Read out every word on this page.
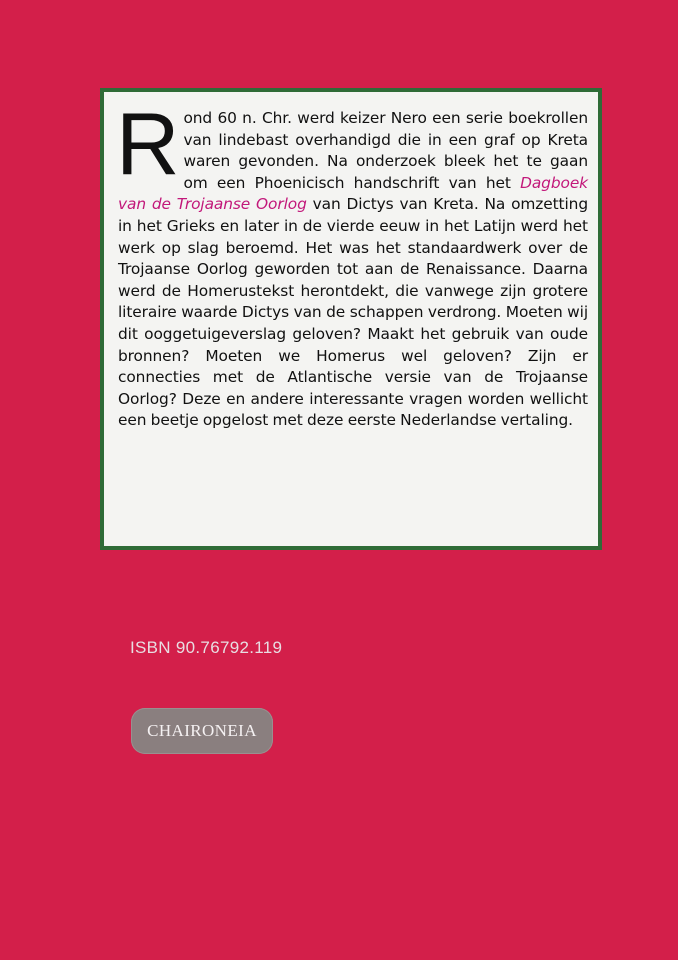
Rond 60 n. Chr. werd keizer Nero een serie boekrollen van lindebast overhandigd die in een graf op Kreta waren gevonden. Na onderzoek bleek het te gaan om een Phoenicisch handschrift van het Dagboek van de Trojaanse Oorlog van Dictys van Kreta. Na omzetting in het Grieks en later in de vierde eeuw in het Latijn werd het werk op slag beroemd. Het was het standaardwerk over de Trojaanse Oorlog geworden tot aan de Renaissance. Daarna werd de Homerustekst herontdekt, die vanwege zijn grotere literaire waarde Dictys van de schappen verdrong. Moeten wij dit ooggetuigeverslag geloven? Maakt het gebruik van oude bronnen? Moeten we Homerus wel geloven? Zijn er connecties met de Atlantische versie van de Trojaanse Oorlog? Deze en andere interessante vragen worden wellicht een beetje opgelost met deze eerste Nederlandse vertaling.

ISBN 90.76792.119
CHAIRONEIA
